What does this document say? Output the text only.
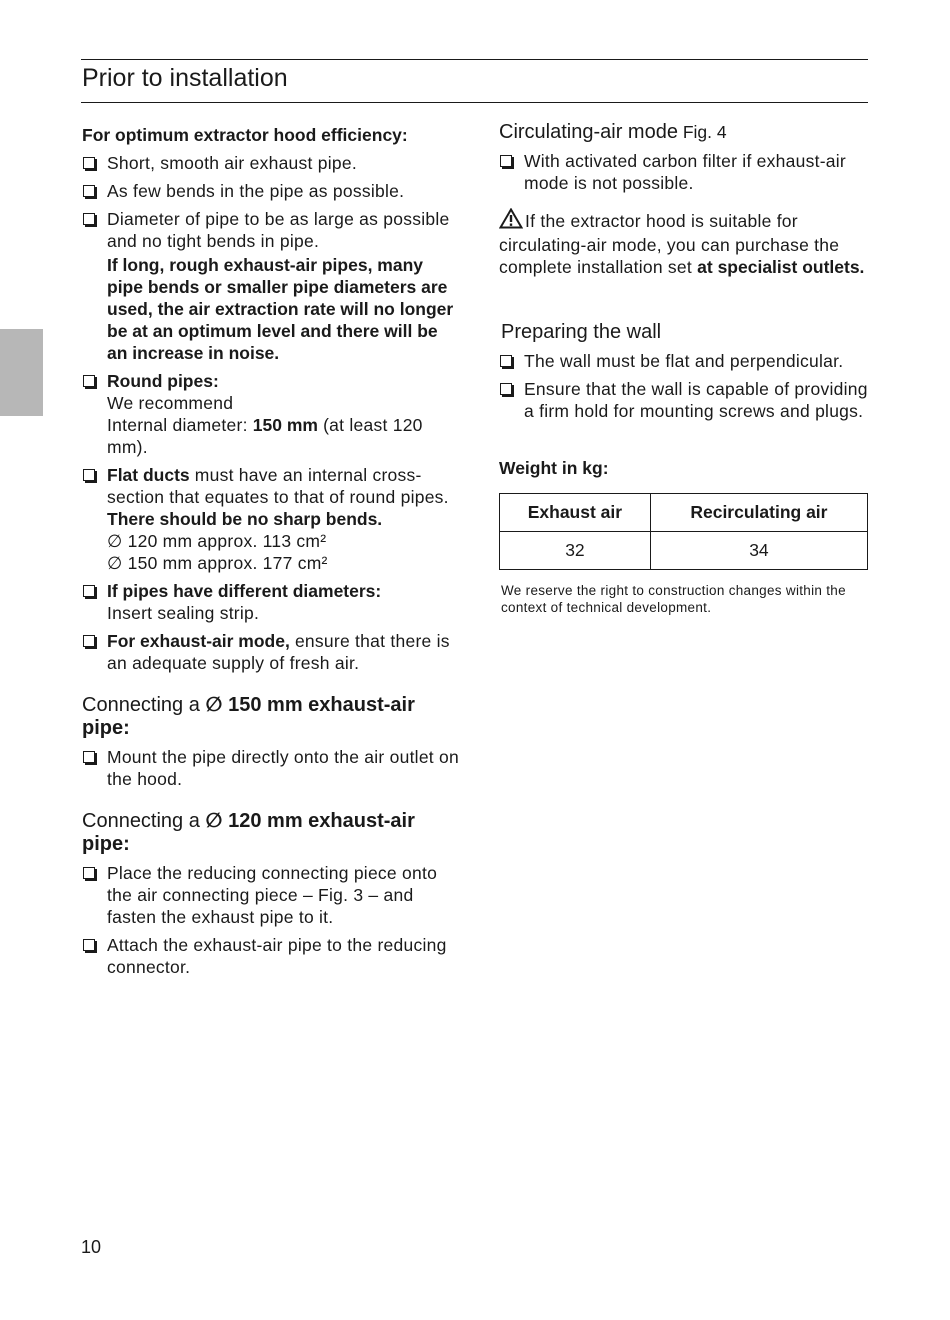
Prior to installation

For optimum extractor hood efficiency:

Short, smooth air exhaust pipe.
As few bends in the pipe as possible.
Diameter of pipe to be as large as possible and no tight bends in pipe.

If long, rough exhaust-air pipes, many pipe bends or smaller pipe diameters are used, the air extraction rate will no longer be at an optimum level and there will be an increase in noise.

Round pipes:
We recommend
Internal diameter: 150 mm (at least 120 mm).
Flat ducts must have an internal cross-section that equates to that of round pipes.
There should be no sharp bends.
∅ 120 mm approx. 113 cm²
∅ 150 mm approx. 177 cm²
If pipes have different diameters:
Insert sealing strip.
For exhaust-air mode, ensure that there is an adequate supply of fresh air.
Connecting a ∅ 150 mm exhaust-air pipe:
Mount the pipe directly onto the air outlet on the hood.
Connecting a ∅ 120 mm exhaust-air pipe:
Place the reducing connecting piece onto the air connecting piece – Fig. 3 – and fasten the exhaust pipe to it.
Attach the exhaust-air pipe to the reducing connector.
Circulating-air mode Fig. 4
With activated carbon filter if exhaust-air mode is not possible.

If the extractor hood is suitable for circulating-air mode, you can purchase the complete installation set at specialist outlets.

Preparing the wall
The wall must be flat and perpendicular.
Ensure that the wall is capable of providing a firm hold for mounting screws and plugs.

Weight in kg:

Exhaust air	Recirculating air
32	34

We reserve the right to construction changes within the context of technical development.

10
